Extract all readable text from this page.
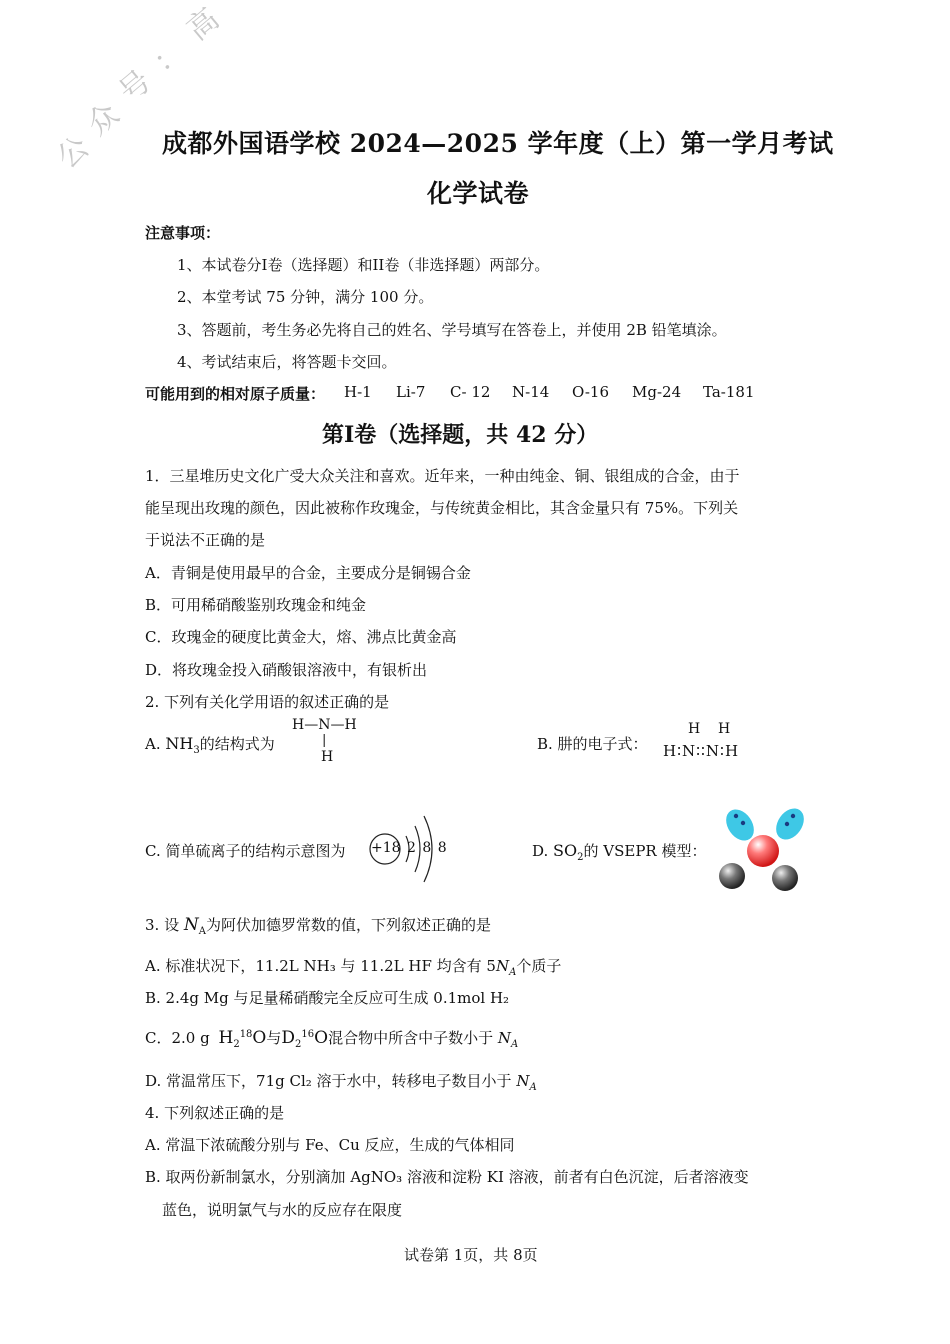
公
众
号
：
高
成都外国语学校 2024—2025 学年度（上）第一学月考试
化学试卷
注意事项：
1、本试卷分I卷（选择题）和II卷（非选择题）两部分。
2、本堂考试 75 分钟，满分 100 分。
3、答题前，考生务必先将自己的姓名、学号填写在答卷上，并使用 2B 铅笔填涂。
4、考试结束后，将答题卡交回。
可能用到的相对原子质量： H-1 Li-7 C- 12 N-14 O-16 Mg-24 Ta-181
第I卷（选择题，共 42 分）
1．三星堆历史文化广受大众关注和喜欢。近年来，一种由纯金、铜、银组成的合金，由于
能呈现出玫瑰的颜色，因此被称作玫瑰金，与传统黄金相比，其含金量只有 75%。下列关
于说法不正确的是
A．青铜是使用最早的合金，主要成分是铜锡合金
B．可用稀硝酸鉴别玫瑰金和纯金
C．玫瑰金的硬度比黄金大，熔、沸点比黄金高
D．将玫瑰金投入硝酸银溶液中，有银析出
2. 下列有关化学用语的叙述正确的是
A. $NH_3$的结构式为
H—N—H
|
H
B. 肼的电子式：
H    H
H∶N∶∶N∶H
C. 简单硫离子的结构示意图为 +18 2 8 8	D. $SO_2$的 VSEPR 模型：
3. 设 $N_A$为阿伏加德罗常数的值，下列叙述正确的是
A. 标准状况下，11.2L NH₃ 与 11.2L HF 均含有 $5N_A$个质子
B. 2.4g Mg 与足量稀硝酸完全反应可生成 0.1mol H₂
C．2.0 g $H_2^{18}O$与$D_2^{16}O$混合物中所含中子数小于 $N_A$
D. 常温常压下，71g Cl₂ 溶于水中，转移电子数目小于 $N_A$
4. 下列叙述正确的是
A. 常温下浓硫酸分别与 Fe、Cu 反应，生成的气体相同
B. 取两份新制氯水，分别滴加 AgNO₃ 溶液和淀粉 KI 溶液，前者有白色沉淀，后者溶液变
蓝色，说明氯气与水的反应存在限度
试卷第 1页，共 8页
